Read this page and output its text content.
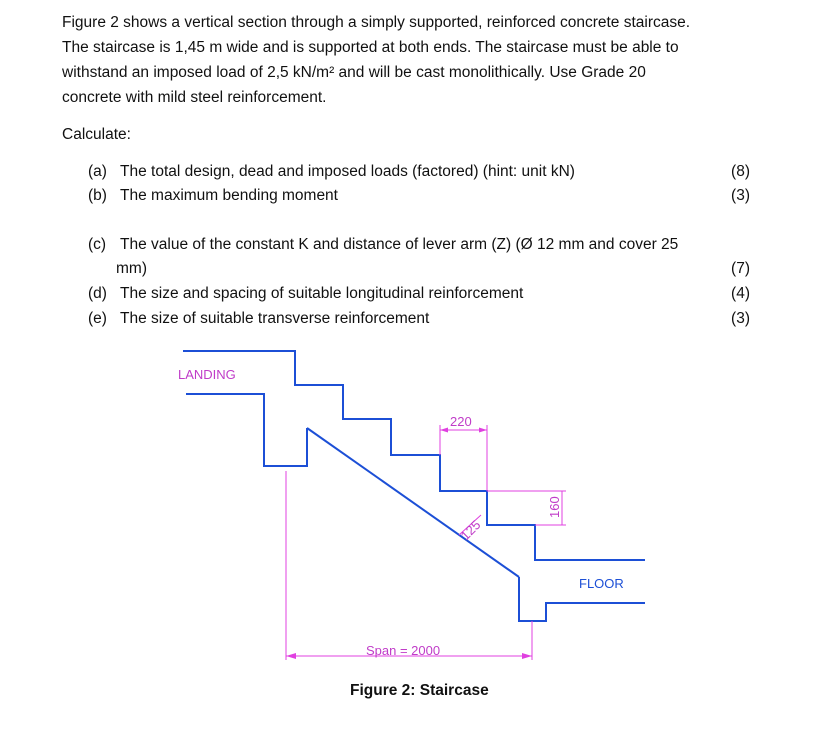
Figure 2 shows a vertical section through a simply supported, reinforced concrete staircase.
The staircase is 1,45 m wide and is supported at both ends. The staircase must be able to
withstand an imposed load of 2,5 kN/m² and will be cast monolithically. Use Grade 20
concrete with mild steel reinforcement.
Calculate:
(a) The total design, dead and imposed loads (factored) (hint: unit kN)	(8)
(b) The maximum bending moment	(3)
(c) The value of the constant K and distance of lever arm (Z) (Ø 12 mm and cover 25
mm)	(7)
(d) The size and spacing of suitable longitudinal reinforcement	(4)
(e) The size of suitable transverse reinforcement	(3)
LANDING
FLOOR
220
160
125
Span = 2000
Figure 2: Staircase
